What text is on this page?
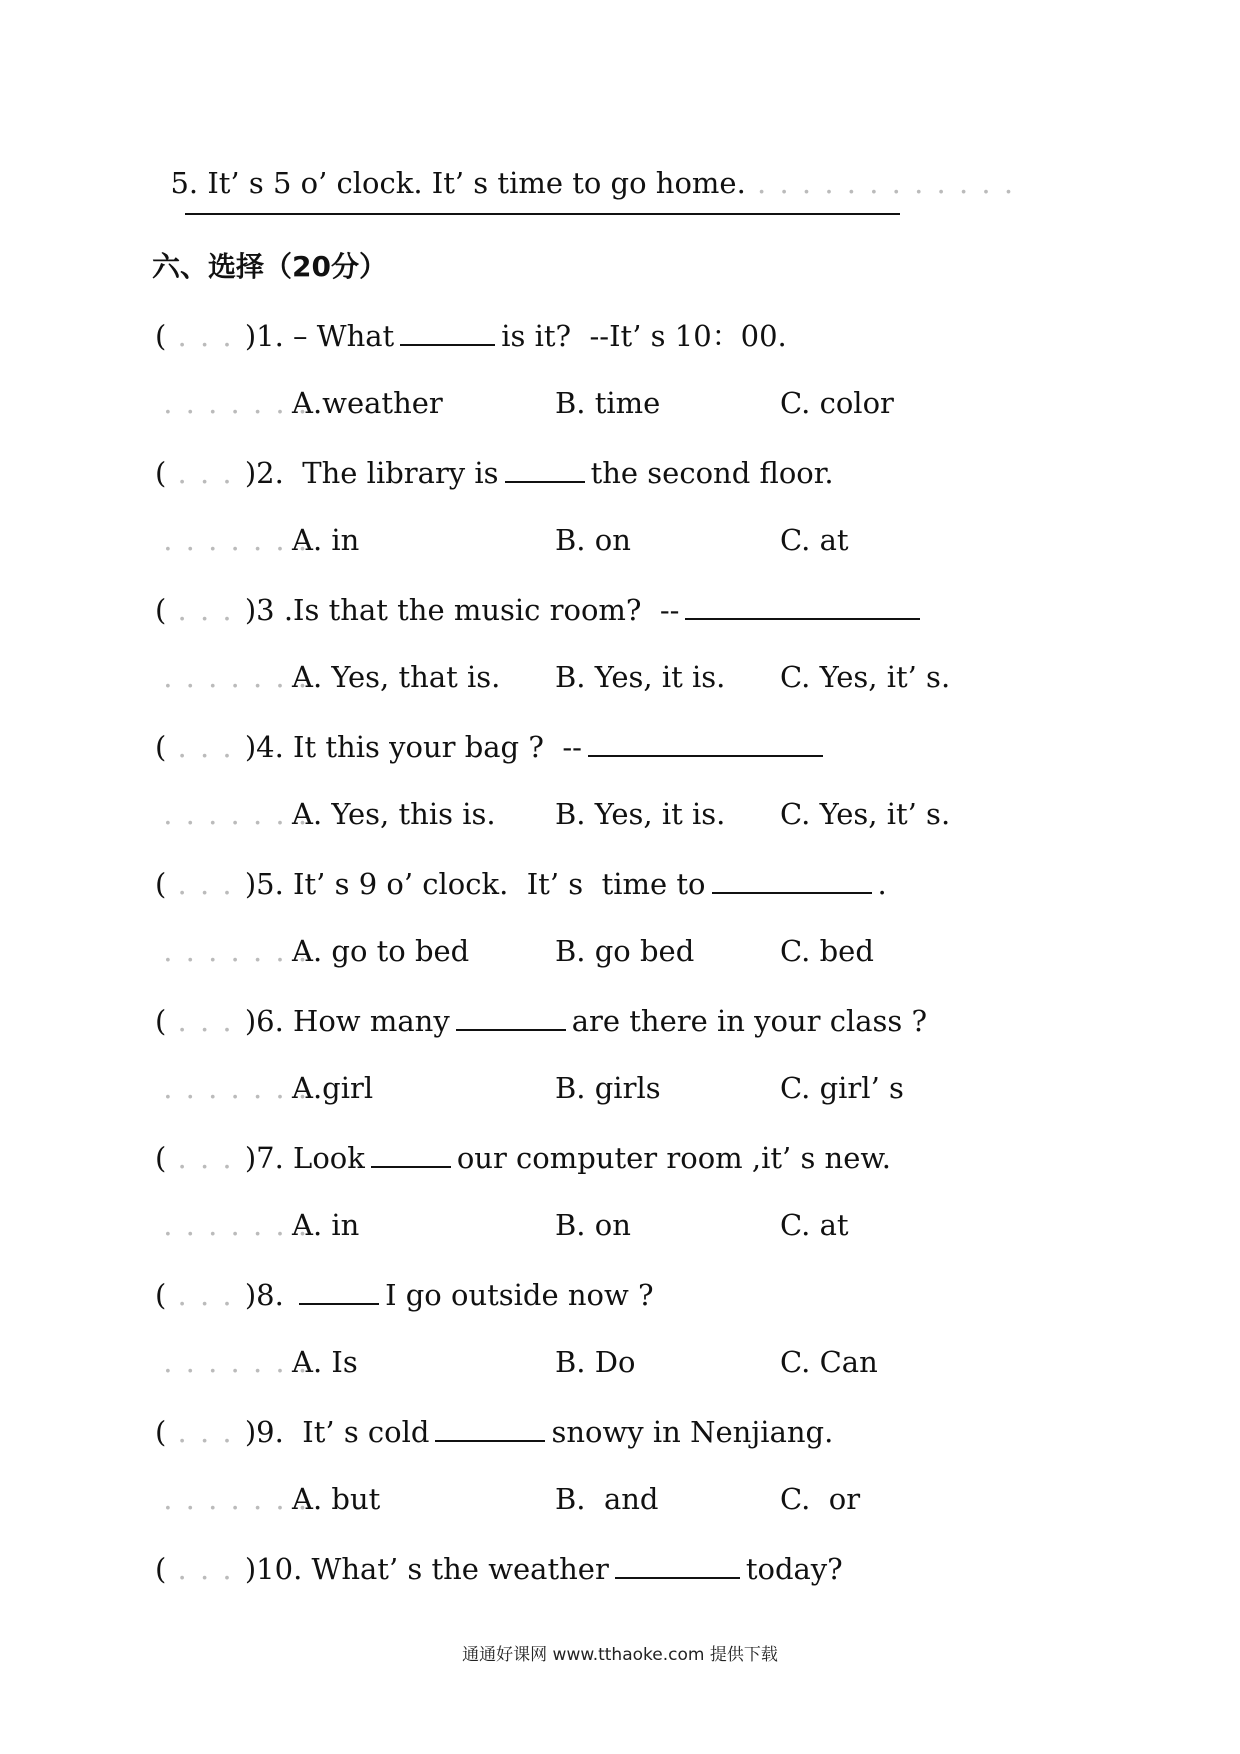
5. It’ s 5 o’ clock. It’ s time to go home. . . . . . . . . . . . .

六、选择（20分）
( . . . )1. – What	is it?  --It’ s 10：00.
. . . . . . .
A.weather	B. time	C. color
( . . . )2.  The library is	the second floor.
. . . . . . .
A. in	B. on	C. at
( . . . )3 .Is that the music room?  --
. . . . . . .
A. Yes, that is. B. Yes, it is. C. Yes, it’ s.
( . . . )4. It this your bag ?  --
. . . . . . .
A. Yes, this is. B. Yes, it is. C. Yes, it’ s.
( . . . )5. It’ s 9 o’ clock.  It’ s  time to	.
. . . . . . .
A. go to bed	B. go bed	C. bed
( . . . )6. How many	are there in your class ?
. . . . . . .
A.girl	B. girls	C. girl’ s
( . . . )7. Look	our computer room ,it’ s new.
. . . . . . .
A. in	B. on	C. at
( . . . )8.	I go outside now ?
. . . . . . .
A. Is	B. Do	C. Can
( . . . )9.  It’ s cold	snowy in Nenjiang.
. . . . . . .
A. but	B.  and	C.  or
( . . . )10. What’ s the weather	today?
通通好课网 www.tthaoke.com 提供下载
